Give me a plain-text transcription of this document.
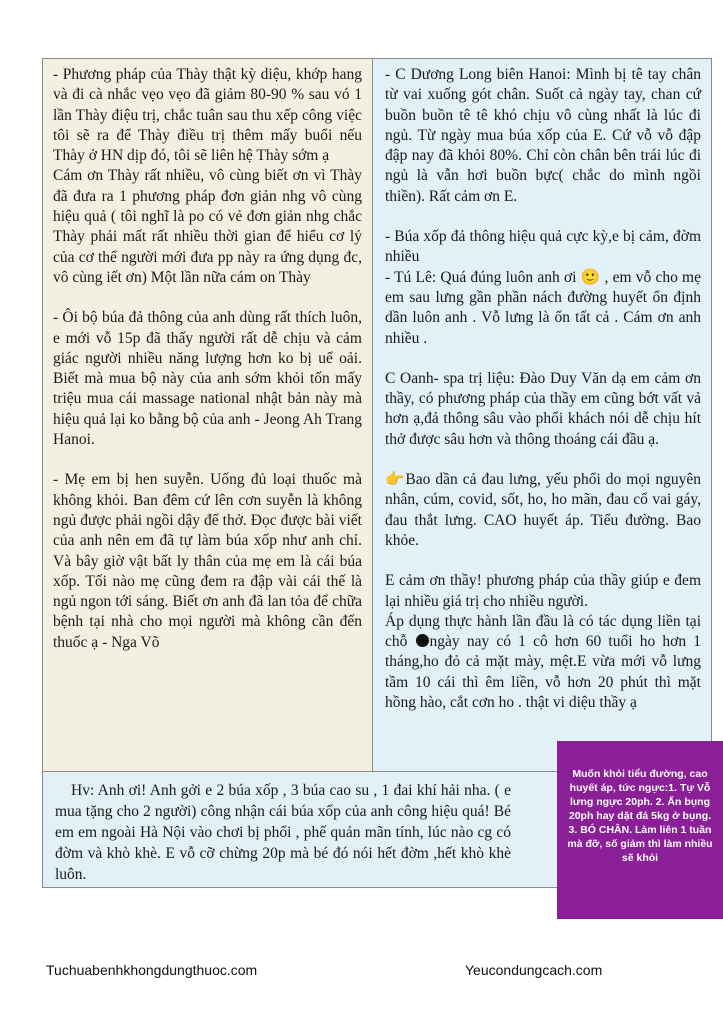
- Phương pháp của Thày thật kỳ diệu, khớp hang và đi cà nhắc vẹo vẹo đã giảm 80-90 % sau vó 1 lần Thày điệu trị, chắc tuân sau thu xếp công việc tôi sẽ ra để Thày điều trị thêm mấy buổi nếu Thày ở HN dịp đó, tôi sẽ liên hệ Thày sớm ạ

Cám ơn Thày rất nhiều, vô cùng biết ơn vì Thày đã đưa ra 1 phương pháp đơn giản nhg vô cùng hiệu quả ( tôi nghĩ là po có vẻ đơn giản nhg chắc Thày phải mất rất nhiều thời gian để hiểu cơ lý của cơ thể người mới đưa pp này ra ứng dụng đc, vô cùng iết ơn) Một lần nữa cám on Thày

- Ôi bộ búa đả thông của anh dùng rất thích luôn, e mới vỗ 15p đã thấy người rất dễ chịu và cảm giác người nhiều năng lượng hơn ko bị uể oải. Biết mà mua bộ này của anh sớm khỏi tốn mấy triệu mua cái massage national nhật bản này mà hiệu quả lại ko bằng bộ của anh - Jeong Ah Trang Hanoi.

- Mẹ em bị hen suyễn. Uống đủ loại thuốc mà không khỏi. Ban đêm cứ lên cơn suyễn là không ngủ được phải ngồi dậy để thở. Đọc được bài viết của anh nên em đã tự làm búa xốp như anh chỉ. Và bây giờ vật bất ly thân của mẹ em là cái búa xốp. Tối nào mẹ cũng đem ra đập vài cái thế là ngủ ngon tới sáng. Biết ơn anh đã lan tỏa để chữa bệnh tại nhà cho mọi người mà không cần đến thuốc ạ - Nga Võ

- C Dương Long biên Hanoi: Mình bị tê tay chân từ vai xuống gót chân. Suốt cả ngày tay, chan cứ buồn buồn tê tê khó chịu vô cùng nhất là lúc đi ngủ. Từ ngày mua búa xốp của E. Cứ vỗ vỗ đập đập nay đã khỏi 80%. Chỉ còn chân bên trái lúc đi ngủ là vẫn hơi buồn bực( chắc do mình ngồi thiền). Rất cảm ơn E.

- Búa xốp đả thông hiệu quả cực kỳ,e bị cảm, đờm nhiều

- Tú Lê: Quá đúng luôn anh ơi 🙂 , em vỗ cho mẹ em sau lưng gần phần nách đường huyết ổn định dần luôn anh . Vỗ lưng là ổn tất cả . Cám ơn anh nhiều .

C Oanh- spa trị liệu: Đào Duy Văn dạ em cảm ơn thầy, có phương pháp của thầy em cũng bớt vất vả hơn ạ,đả thông sâu vào phổi khách nói dễ chịu hít thở được sâu hơn và thông thoáng cái đầu ạ.

👉Bao dần cả đau lưng, yếu phổi do mọi nguyên nhân, cúm, covid, sốt, ho, ho mãn, đau cổ vai gáy, đau thắt lưng. CAO huyết áp. Tiểu đường. Bao khỏe.

E cảm ơn thầy! phương pháp của thầy giúp e đem lại nhiều giá trị cho nhiều người.

Áp dụng thực hành lần đầu là có tác dụng liền tại chỗ ngày nay có 1 cô hơn 60 tuổi ho hơn 1 tháng,ho đỏ cả mặt mày, mệt.E vừa mới vỗ lưng tầm 10 cái thì êm liền, vỗ hơn 20 phút thì mặt hồng hào, cắt cơn ho . thật vi diệu thầy ạ

Hv: Anh ơi! Anh gởi e 2 búa xốp , 3 búa cao su , 1 đai khí hải nha. ( e mua tặng cho 2 người) công nhận cái búa xốp của anh công hiệu quá! Bé em em ngoài Hà Nội vào chơi bị phổi , phế quản mãn tính, lúc nào cg có đờm và khò khè. E vỗ cỡ chừng 20p mà bé đó nói hết đờm ,hết khò khè luôn.

Muốn khỏi tiểu đường, cao huyết áp, tức ngực:1. Tự Vỗ lưng ngực 20ph. 2. Ấn bụng 20ph hay dặt đá 5kg ở bụng. 3. BÓ CHÂN. Làm liên 1 tuần mà đỡ, số giảm thì làm nhiều sẽ khỏi
Tuchuabenhkhongdungthuoc.com	Yeucondungcach.com
